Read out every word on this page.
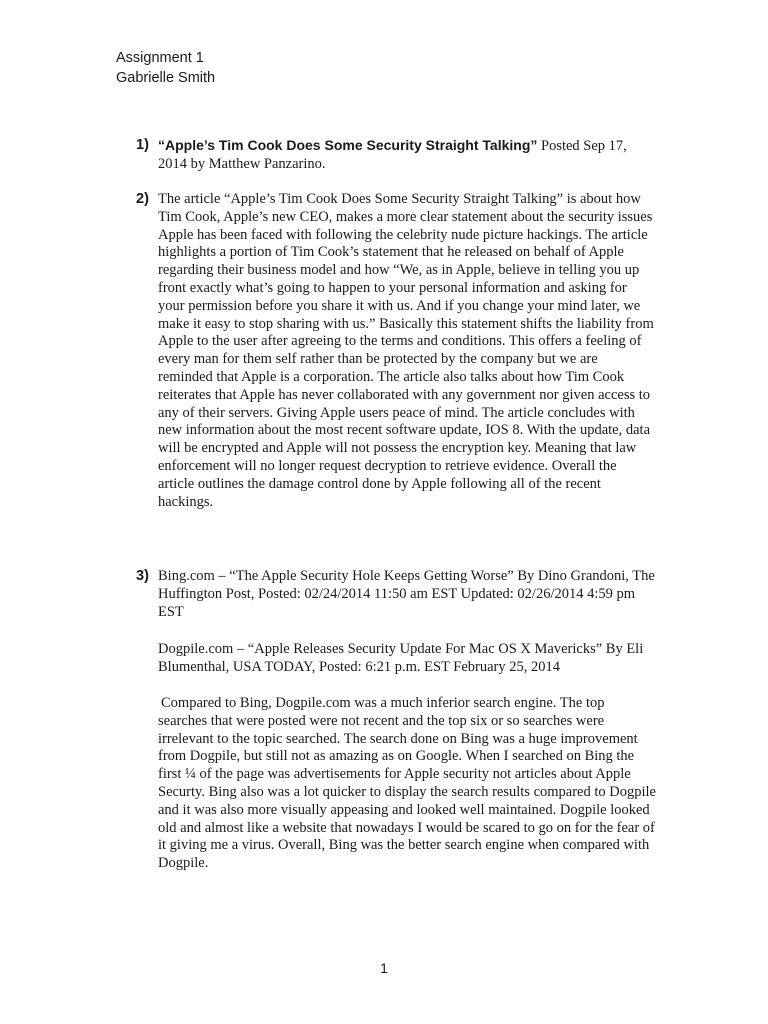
Assignment 1
Gabrielle Smith
1) “Apple’s Tim Cook Does Some Security Straight Talking” Posted Sep 17, 2014 by Matthew Panzarino.
2) The article “Apple’s Tim Cook Does Some Security Straight Talking” is about how Tim Cook, Apple’s new CEO, makes a more clear statement about the security issues Apple has been faced with following the celebrity nude picture hackings. The article highlights a portion of Tim Cook’s statement that he released on behalf of Apple regarding their business model and how “We, as in Apple, believe in telling you up front exactly what’s going to happen to your personal information and asking for your permission before you share it with us. And if you change your mind later, we make it easy to stop sharing with us.” Basically this statement shifts the liability from Apple to the user after agreeing to the terms and conditions. This offers a feeling of every man for them self rather than be protected by the company but we are reminded that Apple is a corporation. The article also talks about how Tim Cook reiterates that Apple has never collaborated with any government nor given access to any of their servers. Giving Apple users peace of mind. The article concludes with new information about the most recent software update, IOS 8. With the update, data will be encrypted and Apple will not possess the encryption key. Meaning that law enforcement will no longer request decryption to retrieve evidence. Overall the article outlines the damage control done by Apple following all of the recent hackings.

3) Bing.com – “The Apple Security Hole Keeps Getting Worse” By Dino Grandoni, The Huffington Post, Posted: 02/24/2014 11:50 am EST Updated: 02/26/2014 4:59 pm EST

Dogpile.com – “Apple Releases Security Update For Mac OS X Mavericks” By Eli Blumenthal, USA TODAY, Posted: 6:21 p.m. EST February 25, 2014

Compared to Bing, Dogpile.com was a much inferior search engine. The top searches that were posted were not recent and the top six or so searches were irrelevant to the topic searched. The search done on Bing was a huge improvement from Dogpile, but still not as amazing as on Google. When I searched on Bing the first ¼ of the page was advertisements for Apple security not articles about Apple Securty. Bing also was a lot quicker to display the search results compared to Dogpile and it was also more visually appeasing and looked well maintained. Dogpile looked old and almost like a website that nowadays I would be scared to go on for the fear of it giving me a virus. Overall, Bing was the better search engine when compared with Dogpile.

1
